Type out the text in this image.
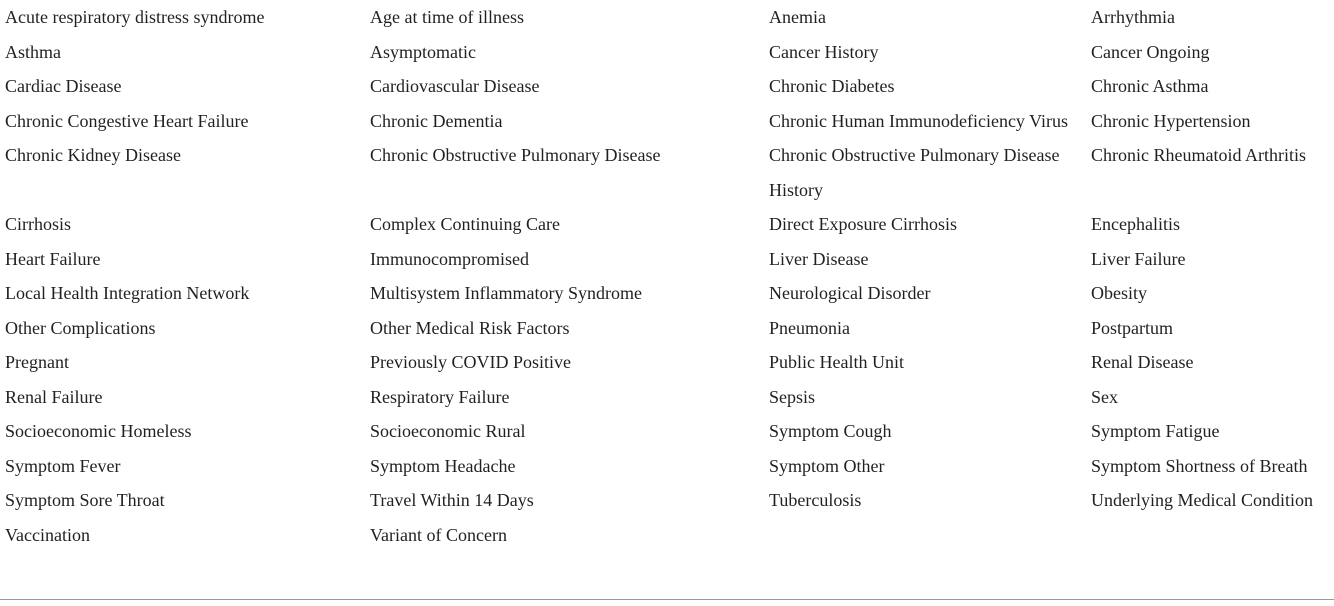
Acute respiratory distress syndrome	Age at time of illness	Anemia	Arrhythmia
Asthma	Asymptomatic	Cancer History	Cancer Ongoing
Cardiac Disease	Cardiovascular Disease	Chronic Diabetes	Chronic Asthma
Chronic Congestive Heart Failure	Chronic Dementia	Chronic Human Immunodeficiency Virus	Chronic Hypertension
Chronic Kidney Disease	Chronic Obstructive Pulmonary Disease	Chronic Obstructive Pulmonary Disease History	Chronic Rheumatoid Arthritis
Cirrhosis	Complex Continuing Care	Direct Exposure Cirrhosis	Encephalitis
Heart Failure	Immunocompromised	Liver Disease	Liver Failure
Local Health Integration Network	Multisystem Inflammatory Syndrome	Neurological Disorder	Obesity
Other Complications	Other Medical Risk Factors	Pneumonia	Postpartum
Pregnant	Previously COVID Positive	Public Health Unit	Renal Disease
Renal Failure	Respiratory Failure	Sepsis	Sex
Socioeconomic Homeless	Socioeconomic Rural	Symptom Cough	Symptom Fatigue
Symptom Fever	Symptom Headache	Symptom Other	Symptom Shortness of Breath
Symptom Sore Throat	Travel Within 14 Days	Tuberculosis	Underlying Medical Condition
Vaccination	Variant of Concern		
